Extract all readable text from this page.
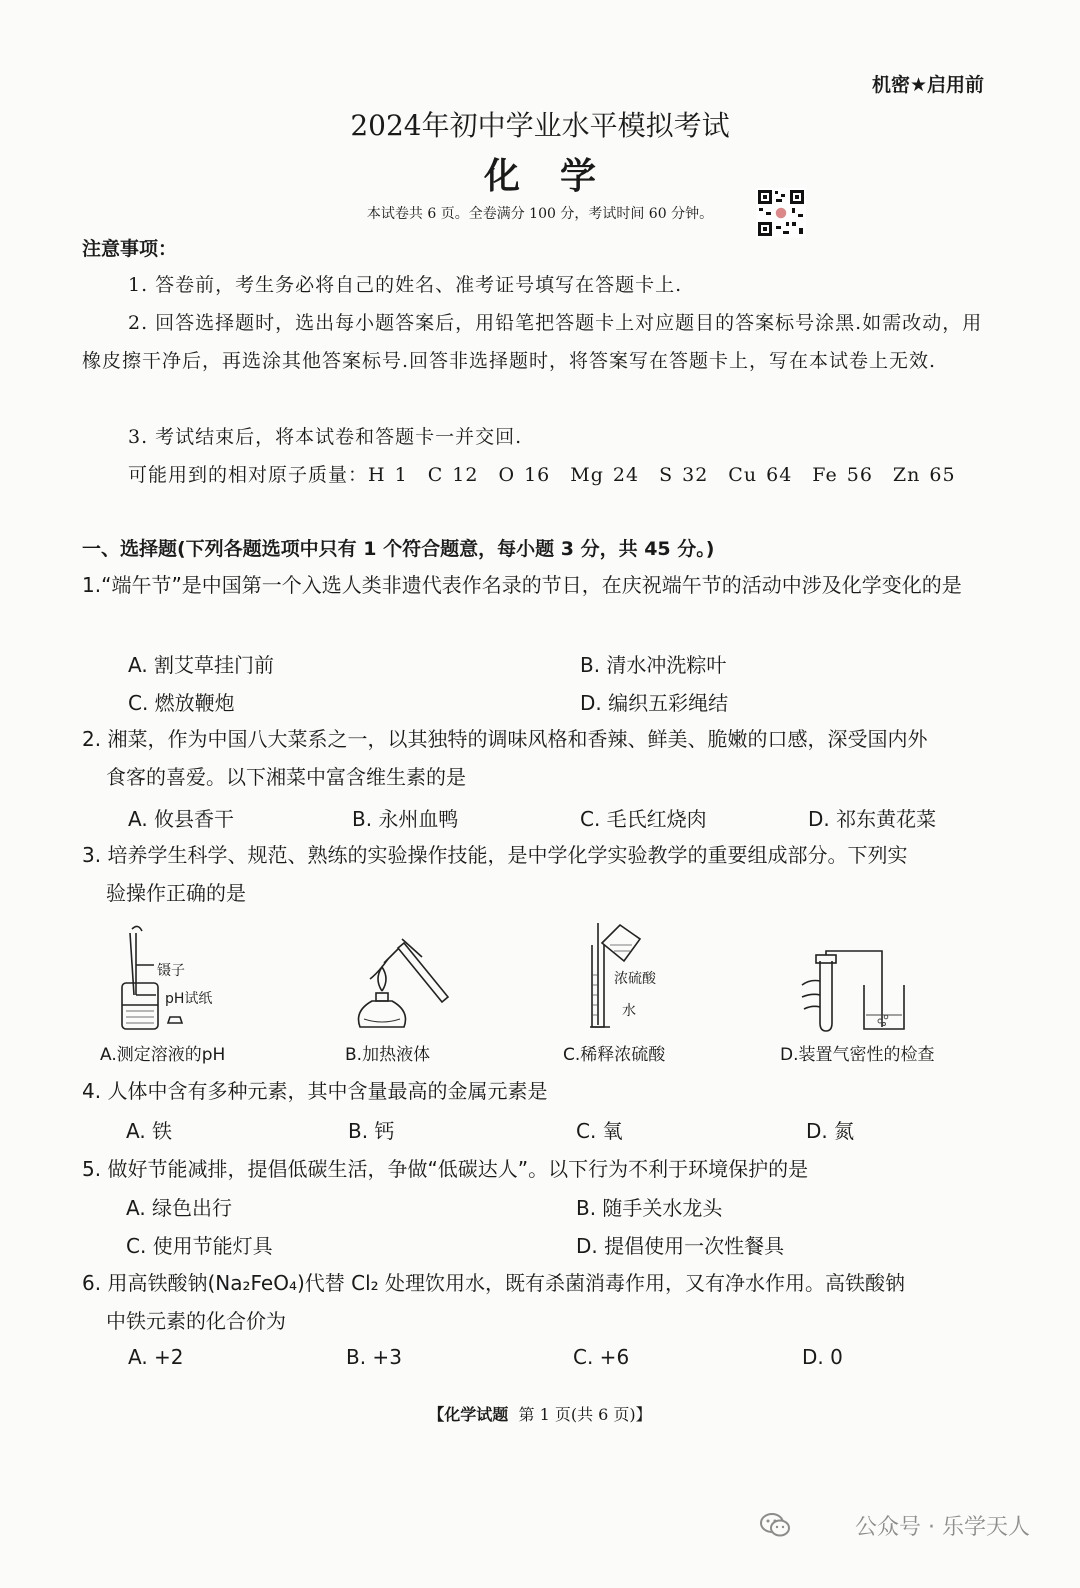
机密★启用前
2024年初中学业水平模拟考试
化学
本试卷共 6 页。全卷满分 100 分，考试时间 60 分钟。
注意事项：
1. 答卷前，考生务必将自己的姓名、准考证号填写在答题卡上.
2. 回答选择题时，选出每小题答案后，用铅笔把答题卡上对应题目的答案标号涂黑.如需改动，用橡皮擦干净后，再选涂其他答案标号.回答非选择题时，将答案写在答题卡上，写在本试卷上无效.
3. 考试结束后，将本试卷和答题卡一并交回.
可能用到的相对原子质量：H 1　C 12　O 16　Mg 24　S 32　Cu 64　Fe 56　Zn 65
一、选择题(下列各题选项中只有 1 个符合题意，每小题 3 分，共 45 分。)
1.“端午节”是中国第一个入选人类非遗代表作名录的节日，在庆祝端午节的活动中涉及化学变化的是
A. 割艾草挂门前	B. 清水冲洗粽叶
C. 燃放鞭炮	D. 编织五彩绳结
2. 湘菜，作为中国八大菜系之一，以其独特的调味风格和香辣、鲜美、脆嫩的口感，深受国内外
食客的喜爱。以下湘菜中富含维生素的是
A. 攸县香干	B. 永州血鸭	C. 毛氏红烧肉	D. 祁东黄花菜
3. 培养学生科学、规范、熟练的实验操作技能，是中学化学实验教学的重要组成部分。下列实
验操作正确的是
镊子
pH试纸
浓硫酸
水
A.测定溶液的pH	B.加热液体	C.稀释浓硫酸	D.装置气密性的检查
4. 人体中含有多种元素，其中含量最高的金属元素是
A. 铁	B. 钙	C. 氧	D. 氮
5. 做好节能减排，提倡低碳生活，争做“低碳达人”。以下行为不利于环境保护的是
A. 绿色出行	B. 随手关水龙头
C. 使用节能灯具	D. 提倡使用一次性餐具
6. 用高铁酸钠(Na₂FeO₄)代替 Cl₂ 处理饮用水，既有杀菌消毒作用，又有净水作用。高铁酸钠
中铁元素的化合价为
A. +2	B. +3	C. +6	D. 0
【化学试题 第 1 页(共 6 页)】
公众号 · 乐学天人
